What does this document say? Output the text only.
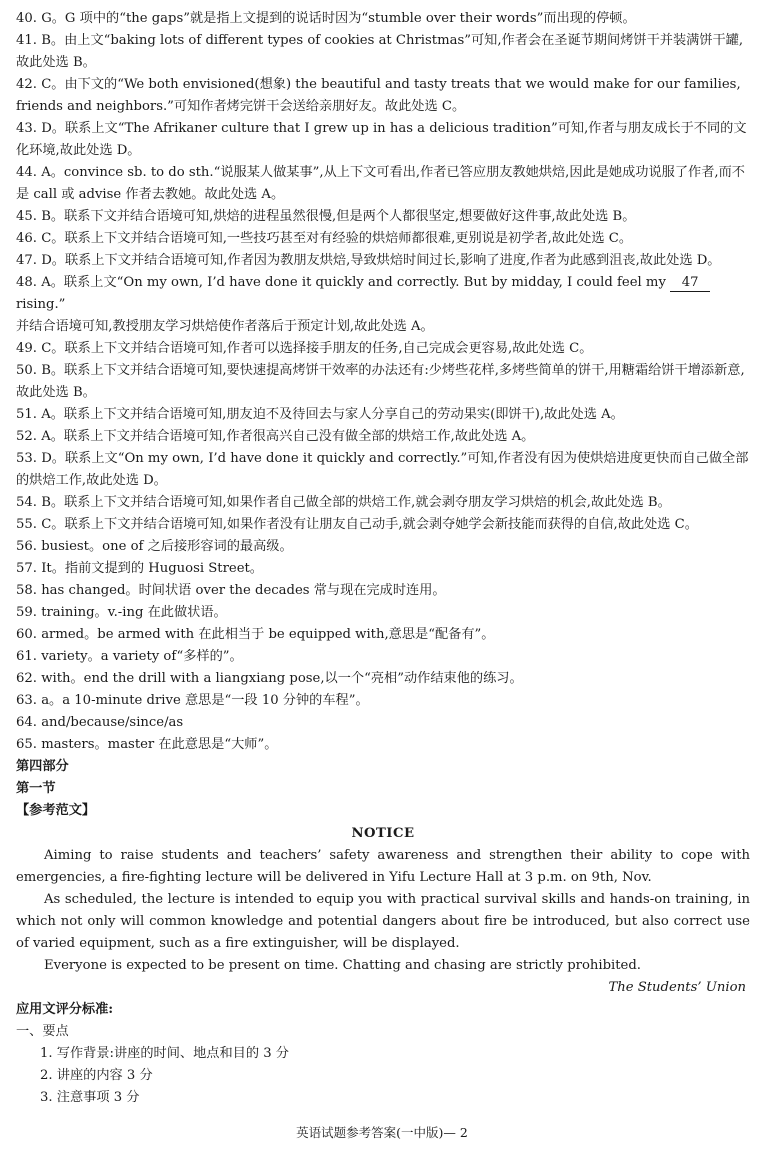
40. G。G 项中的“the gaps”就是指上文提到的说话时因为“stumble over their words”而出现的停顿。
41. B。由上文“baking lots of different types of cookies at Christmas”可知,作者会在圣诞节期间烤饼干并装满饼干罐,故此处选 B。
42. C。由下文的“We both envisioned(想象) the beautiful and tasty treats that we would make for our families, friends and neighbors.”可知作者烤完饼干会送给亲朋好友。故此处选 C。
43. D。联系上文“The Afrikaner culture that I grew up in has a delicious tradition”可知,作者与朋友成长于不同的文化环境,故此处选 D。
44. A。convince sb. to do sth.“说服某人做某事”,从上下文可看出,作者已答应朋友教她烘焙,因此是她成功说服了作者,而不是 call 或 advise 作者去教她。故此处选 A。
45. B。联系下文并结合语境可知,烘焙的进程虽然很慢,但是两个人都很坚定,想要做好这件事,故此处选 B。
46. C。联系上下文并结合语境可知,一些技巧甚至对有经验的烘焙师都很难,更别说是初学者,故此处选 C。
47. D。联系上下文并结合语境可知,作者因为教朋友烘焙,导致烘焙时间过长,影响了进度,作者为此感到沮丧,故此处选 D。
48. A。联系上文“On my own, I’d have done it quickly and correctly. But by midday, I could feel my 47 rising.”
并结合语境可知,教授朋友学习烘焙使作者落后于预定计划,故此处选 A。
49. C。联系上下文并结合语境可知,作者可以选择接手朋友的任务,自己完成会更容易,故此处选 C。
50. B。联系上下文并结合语境可知,要快速提高烤饼干效率的办法还有:少烤些花样,多烤些简单的饼干,用糖霜给饼干增添新意,故此处选 B。
51. A。联系上下文并结合语境可知,朋友迫不及待回去与家人分享自己的劳动果实(即饼干),故此处选 A。
52. A。联系上下文并结合语境可知,作者很高兴自己没有做全部的烘焙工作,故此处选 A。
53. D。联系上文“On my own, I’d have done it quickly and correctly.”可知,作者没有因为使烘焙进度更快而自己做全部的烘焙工作,故此处选 D。
54. B。联系上下文并结合语境可知,如果作者自己做全部的烘焙工作,就会剥夺朋友学习烘焙的机会,故此处选 B。
55. C。联系上下文并结合语境可知,如果作者没有让朋友自己动手,就会剥夺她学会新技能而获得的自信,故此处选 C。
56. busiest。one of 之后接形容词的最高级。
57. It。指前文提到的 Huguosi Street。
58. has changed。时间状语 over the decades 常与现在完成时连用。
59. training。v.-ing 在此做状语。
60. armed。be armed with 在此相当于 be equipped with,意思是“配备有”。
61. variety。a variety of“多样的”。
62. with。end the drill with a liangxiang pose,以一个“亮相”动作结束他的练习。
63. a。a 10-minute drive 意思是“一段 10 分钟的车程”。
64. and/because/since/as
65. masters。master 在此意思是“大师”。
第四部分
第一节
【参考范文】
NOTICE
Aiming to raise students and teachers’ safety awareness and strengthen their ability to cope with emergencies, a fire-fighting lecture will be delivered in Yifu Lecture Hall at 3 p.m. on 9th, Nov.
As scheduled, the lecture is intended to equip you with practical survival skills and hands-on training, in which not only will common knowledge and potential dangers about fire be introduced, but also correct use of varied equipment, such as a fire extinguisher, will be displayed.
Everyone is expected to be present on time. Chatting and chasing are strictly prohibited.
The Students’ Union
应用文评分标准:
一、要点
1. 写作背景:讲座的时间、地点和目的 3 分
2. 讲座的内容 3 分
3. 注意事项 3 分
英语试题参考答案(一中版)— 2
